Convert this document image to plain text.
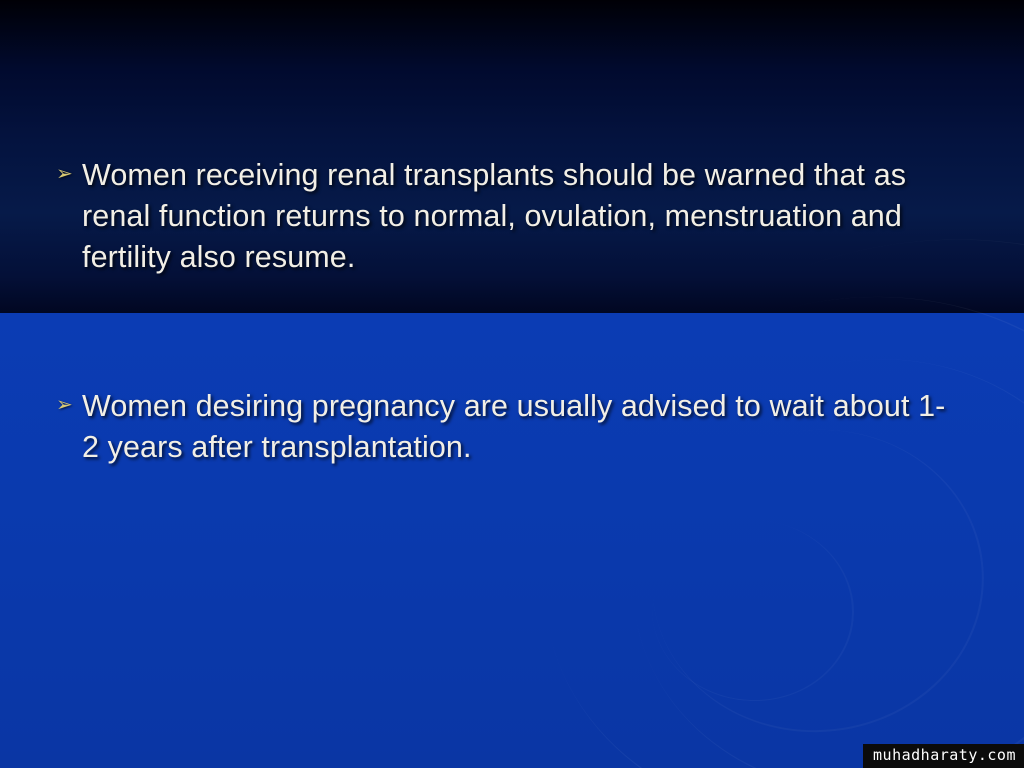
➢ Women receiving renal transplants should be warned that as renal function returns to normal, ovulation, menstruation and fertility also resume.
➢ Women desiring pregnancy are usually advised to wait about 1-2 years after transplantation.
muhadharaty.com
